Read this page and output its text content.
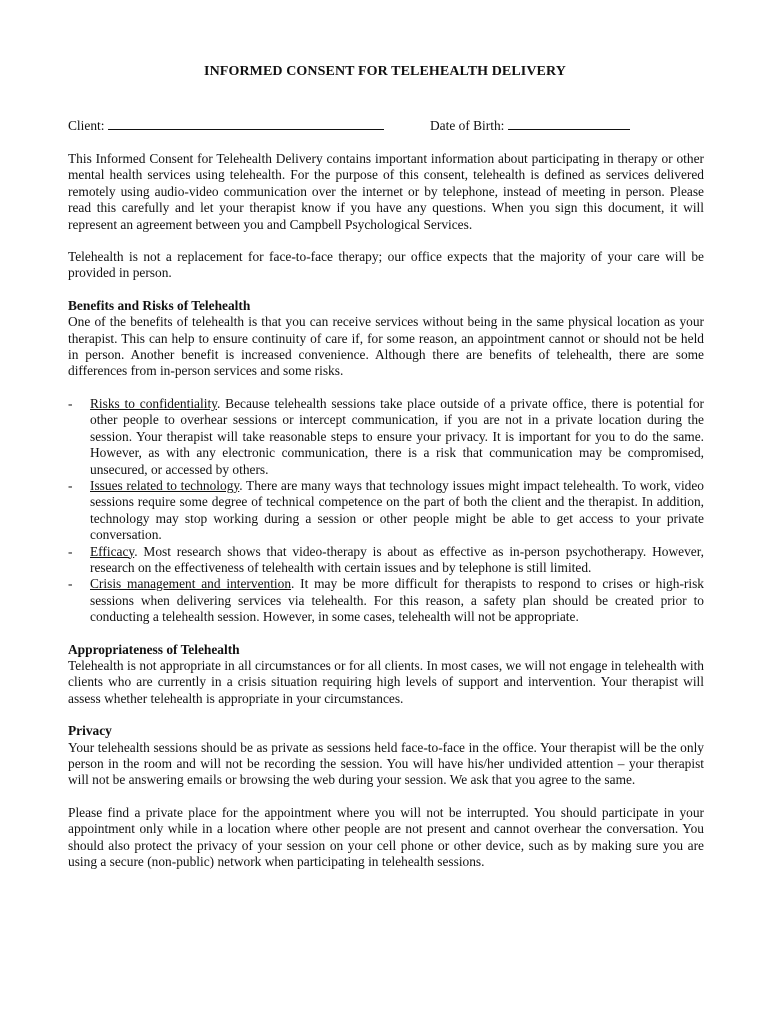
INFORMED CONSENT FOR TELEHEALTH DELIVERY
Client:	Date of Birth:

This Informed Consent for Telehealth Delivery contains important information about participating in therapy or other mental health services using telehealth. For the purpose of this consent, telehealth is defined as services delivered remotely using audio-video communication over the internet or by telephone, instead of meeting in person. Please read this carefully and let your therapist know if you have any questions. When you sign this document, it will represent an agreement between you and Campbell Psychological Services.

Telehealth is not a replacement for face-to-face therapy; our office expects that the majority of your care will be provided in person.

Benefits and Risks of Telehealth

One of the benefits of telehealth is that you can receive services without being in the same physical location as your therapist. This can help to ensure continuity of care if, for some reason, an appointment cannot or should not be held in person. Another benefit is increased convenience. Although there are benefits of telehealth, there are some differences from in-person services and some risks.

- Risks to confidentiality. Because telehealth sessions take place outside of a private office, there is potential for other people to overhear sessions or intercept communication, if you are not in a private location during the session. Your therapist will take reasonable steps to ensure your privacy. It is important for you to do the same. However, as with any electronic communication, there is a risk that communication may be compromised, unsecured, or accessed by others.
- Issues related to technology. There are many ways that technology issues might impact telehealth. To work, video sessions require some degree of technical competence on the part of both the client and the therapist. In addition, technology may stop working during a session or other people might be able to get access to your private conversation.
- Efficacy. Most research shows that video-therapy is about as effective as in-person psychotherapy. However, research on the effectiveness of telehealth with certain issues and by telephone is still limited.
- Crisis management and intervention. It may be more difficult for therapists to respond to crises or high-risk sessions when delivering services via telehealth. For this reason, a safety plan should be created prior to conducting a telehealth session. However, in some cases, telehealth will not be appropriate.
Appropriateness of Telehealth

Telehealth is not appropriate in all circumstances or for all clients. In most cases, we will not engage in telehealth with clients who are currently in a crisis situation requiring high levels of support and intervention. Your therapist will assess whether telehealth is appropriate in your circumstances.

Privacy

Your telehealth sessions should be as private as sessions held face-to-face in the office. Your therapist will be the only person in the room and will not be recording the session. You will have his/her undivided attention – your therapist will not be answering emails or browsing the web during your session. We ask that you agree to the same.

Please find a private place for the appointment where you will not be interrupted. You should participate in your appointment only while in a location where other people are not present and cannot overhear the conversation. You should also protect the privacy of your session on your cell phone or other device, such as by making sure you are using a secure (non-public) network when participating in telehealth sessions.
